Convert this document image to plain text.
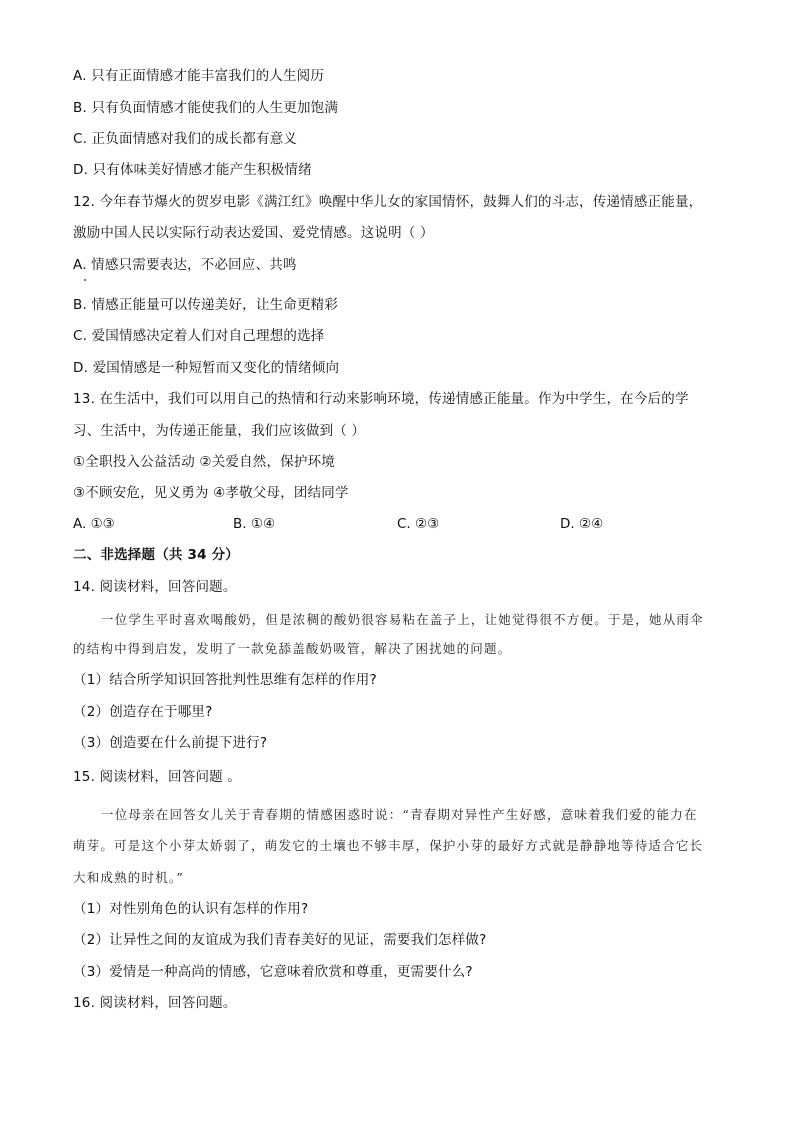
A. 只有正面情感才能丰富我们的人生阅历
B. 只有负面情感才能使我们的人生更加饱满
C. 正负面情感对我们的成长都有意义
D. 只有体味美好情感才能产生积极情绪
12. 今年春节爆火的贺岁电影《满江红》唤醒中华儿女的家国情怀，鼓舞人们的斗志，传递情感正能量，
激励中国人民以实际行动表达爱国、爱党情感。这说明（ ）
A. 情感只需要表达，不必回应、共鸣
B. 情感正能量可以传递美好，让生命更精彩
C. 爱国情感决定着人们对自己理想的选择
D. 爱国情感是一种短暂而又变化的情绪倾向
13. 在生活中，我们可以用自己的热情和行动来影响环境，传递情感正能量。作为中学生，在今后的学
习、生活中，为传递正能量，我们应该做到（ ）
①全职投入公益活动 ②关爱自然，保护环境
③不顾安危，见义勇为 ④孝敬父母，团结同学
A. ①③	B. ①④	C. ②③	D. ②④
二、非选择题（共 34 分）
14. 阅读材料，回答问题。
一位学生平时喜欢喝酸奶，但是浓稠的酸奶很容易粘在盖子上，让她觉得很不方便。于是，她从雨伞
的结构中得到启发，发明了一款免舔盖酸奶吸管，解决了困扰她的问题。
（1）结合所学知识回答批判性思维有怎样的作用?
（2）创造存在于哪里?
（3）创造要在什么前提下进行?
15. 阅读材料，回答问题 。
一位母亲在回答女儿关于青春期的情感困惑时说：“青春期对异性产生好感，意味着我们爱的能力在
萌芽。可是这个小芽太娇弱了，萌发它的土壤也不够丰厚，保护小芽的最好方式就是静静地等待适合它长
大和成熟的时机。”
（1）对性别角色的认识有怎样的作用?
（2）让异性之间的友谊成为我们青春美好的见证，需要我们怎样做?
（3）爱情是一种高尚的情感，它意味着欣赏和尊重，更需要什么?
16. 阅读材料，回答问题。
